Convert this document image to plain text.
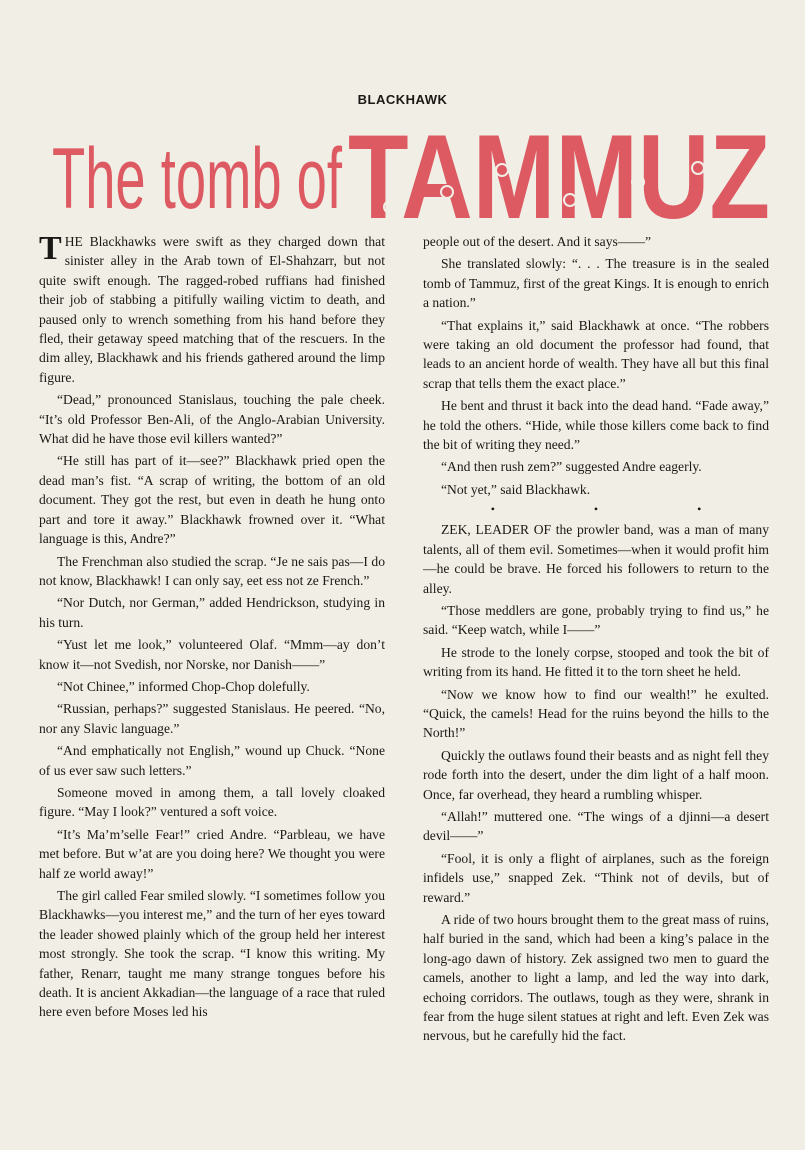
BLACKHAWK
The tomb of TAMMUZ

THE Blackhawks were swift as they charged down that sinister alley in the Arab town of El-Shahzarr, but not quite swift enough. The ragged-robed ruffians had finished their job of stabbing a pitifully wailing victim to death, and paused only to wrench something from his hand before they fled, their getaway speed matching that of the rescuers. In the dim alley, Blackhawk and his friends gathered around the limp figure.

“Dead,” pronounced Stanislaus, touching the pale cheek. “It’s old Professor Ben-Ali, of the Anglo-Arabian University. What did he have those evil killers wanted?”

“He still has part of it—see?” Blackhawk pried open the dead man’s fist. “A scrap of writing, the bottom of an old document. They got the rest, but even in death he hung onto part and tore it away.” Blackhawk frowned over it. “What language is this, Andre?”

The Frenchman also studied the scrap. “Je ne sais pas—I do not know, Blackhawk! I can only say, eet ess not ze French.”

“Nor Dutch, nor German,” added Hendrickson, studying in his turn.

“Yust let me look,” volunteered Olaf. “Mmm—ay don’t know it—not Svedish, nor Norske, nor Danish——”

“Not Chinee,” informed Chop-Chop dolefully.

“Russian, perhaps?” suggested Stanislaus. He peered. “No, nor any Slavic language.”

“And emphatically not English,” wound up Chuck. “None of us ever saw such letters.”

Someone moved in among them, a tall lovely cloaked figure. “May I look?” ventured a soft voice.

“It’s Ma’m’selle Fear!” cried Andre. “Parbleau, we have met before. But w’at are you doing here? We thought you were half ze world away!”

The girl called Fear smiled slowly. “I sometimes follow you Blackhawks—you interest me,” and the turn of her eyes toward the leader showed plainly which of the group held her interest most strongly. She took the scrap. “I know this writing. My father, Renarr, taught me many strange tongues before his death. It is ancient Akkadian—the language of a race that ruled here even before Moses led his

people out of the desert. And it says——”

She translated slowly: “. . . The treasure is in the sealed tomb of Tammuz, first of the great Kings. It is enough to enrich a nation.”

“That explains it,” said Blackhawk at once. “The robbers were taking an old document the professor had found, that leads to an ancient horde of wealth. They have all but this final scrap that tells them the exact place.”

He bent and thrust it back into the dead hand. “Fade away,” he told the others. “Hide, while those killers come back to find the bit of writing they need.”

“And then rush zem?” suggested Andre eagerly.

“Not yet,” said Blackhawk.

• • •

ZEK, LEADER OF the prowler band, was a man of many talents, all of them evil. Sometimes—when it would profit him—he could be brave. He forced his followers to return to the alley.

“Those meddlers are gone, probably trying to find us,” he said. “Keep watch, while I——”

He strode to the lonely corpse, stooped and took the bit of writing from its hand. He fitted it to the torn sheet he held.

“Now we know how to find our wealth!” he exulted. “Quick, the camels! Head for the ruins beyond the hills to the North!”

Quickly the outlaws found their beasts and as night fell they rode forth into the desert, under the dim light of a half moon. Once, far overhead, they heard a rumbling whisper.

“Allah!” muttered one. “The wings of a djinni—a desert devil——”

“Fool, it is only a flight of airplanes, such as the foreign infidels use,” snapped Zek. “Think not of devils, but of reward.”

A ride of two hours brought them to the great mass of ruins, half buried in the sand, which had been a king’s palace in the long-ago dawn of history. Zek assigned two men to guard the camels, another to light a lamp, and led the way into dark, echoing corridors. The outlaws, tough as they were, shrank in fear from the huge silent statues at right and left. Even Zek was nervous, but he carefully hid the fact.
